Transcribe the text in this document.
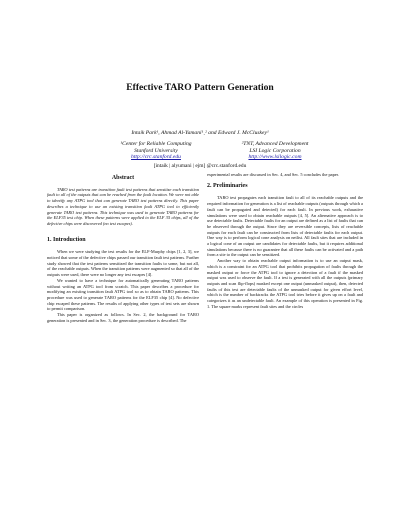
Effective TARO Pattern Generation
Intaik Park¹, Ahmad Al-Yamani¹ˎ² and Edward J. McCluskey¹
¹Center for Reliable Computing
Stanford University
http://crc.stanford.edu
²TNT, Advanced Development
LSI Logic Corporation
http://www.lsilogic.com
[intaik | alyumani | ejm] @crc.stanford.edu

Abstract

TARO test patterns are transition fault test patterns that sensitize each transition fault to all of the outputs that can be reached from the fault location. We were not able to identify any ATPG tool that can generate TARO test patterns directly. This paper describes a technique to use an existing transition fault ATPG tool to efficiently generate TARO test patterns. This technique was used to generate TARO patterns for the ELF35 test chip. When these patterns were applied to the ELF 35 chips, all of the defective chips were discovered (no test escapes).

1. Introduction

When we were studying the test results for the ELF-Murphy chips [1, 2, 3], we noticed that some of the defective chips passed our transition fault test patterns. Further study showed that the test patterns sensitized the transition faults to some, but not all, of the reachable outputs. When the transition patterns were augmented so that all of the outputs were used, there were no longer any test escapes [4].

We wanted to have a technique for automatically generating TARO patterns without writing an ATPG tool from scratch. This paper describes a procedure for modifying an existing transition fault ATPG tool so as to obtain TARO patterns. This procedure was used to generate TARO patterns for the ELF35 chip [4]. No defective chip escaped these patterns. The results of applying other types of test sets are shown to permit comparison.

This paper is organized as follows. In Sec. 2, the background for TARO generation is presented and in Sec. 3, the generation procedure is described. The

experimental results are discussed in Sec. 4, and Sec. 5 concludes the paper.

2. Preliminaries

TARO test propagates each transition fault to all of its reachable outputs and the required information for generation is a list of reachable outputs (outputs through which a fault can be propagated and detected) for each fault. In previous work, exhaustive simulations were used to obtain reachable outputs [4, 5]. An alternative approach is to use detectable faults. Detectable faults for an output are defined as a list of faults that can be observed through the output. Since they are reversible concepts, lists of reachable outputs for each fault can be constructed from lists of detectable faults for each output. One way is to perform logical cone analysis on netlist. All fault sites that are included in a logical cone of an output are candidates for detectable faults, but it requires additional simulations because there is no guarantee that all these faults can be activated and a path from a site to the output can be sensitized.

Another way to obtain reachable output information is to use an output mask, which is a constraint for an ATPG tool that prohibits propagation of faults through the masked output or force the ATPG tool to ignore a detection of a fault if the masked output was used to observe the fault. If a test is generated with all the outputs (primary outputs and scan flip-flops) masked except one output (unmasked output), then, detected faults of this test are detectable faults of the unmasked output for given effort level, which is the number of backtracks the ATPG tool tries before it gives up on a fault and categorizes it as an undetectable fault. An example of this operation is presented in Fig. 1. The square marks represent fault sites and the circles
